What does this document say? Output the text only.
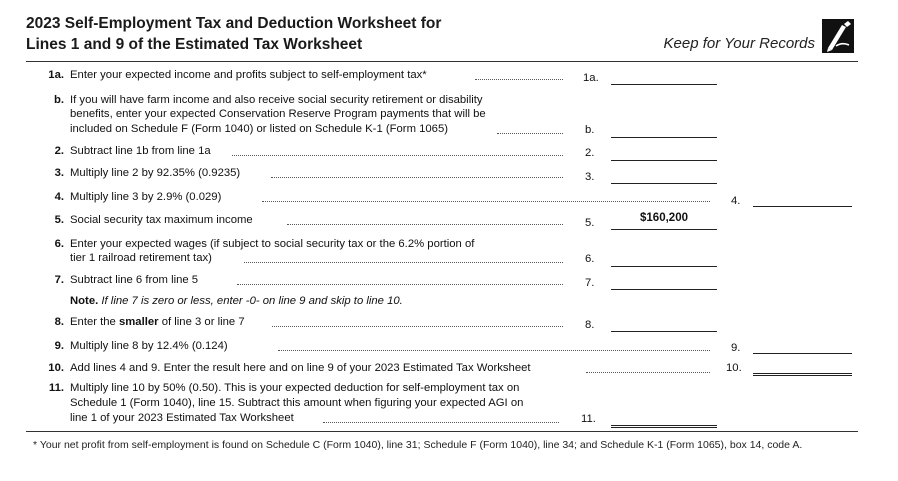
2023 Self-Employment Tax and Deduction Worksheet for
Lines 1 and 9 of the Estimated Tax Worksheet	Keep for Your Records
1a. Enter your expected income and profits subject to self-employment tax*	1a.
b. If you will have farm income and also receive social security retirement or disability
benefits, enter your expected Conservation Reserve Program payments that will be
included on Schedule F (Form 1040) or listed on Schedule K-1 (Form 1065)	b.
2. Subtract line 1b from line 1a	2.
3. Multiply line 2 by 92.35% (0.9235)	3.
4. Multiply line 3 by 2.9% (0.029)	4.
5. Social security tax maximum income	5.	$160,200
6. Enter your expected wages (if subject to social security tax or the 6.2% portion of
tier 1 railroad retirement tax)	6.
7. Subtract line 6 from line 5	7.
Note. If line 7 is zero or less, enter -0- on line 9 and skip to line 10.
8. Enter the smaller of line 3 or line 7	8.
9. Multiply line 8 by 12.4% (0.124)	9.
10. Add lines 4 and 9. Enter the result here and on line 9 of your 2023 Estimated Tax Worksheet	10.
11. Multiply line 10 by 50% (0.50). This is your expected deduction for self-employment tax on
Schedule 1 (Form 1040), line 15. Subtract this amount when figuring your expected AGI on
line 1 of your 2023 Estimated Tax Worksheet	11.
* Your net profit from self-employment is found on Schedule C (Form 1040), line 31; Schedule F (Form 1040), line 34; and Schedule K-1 (Form 1065), box 14, code A.
